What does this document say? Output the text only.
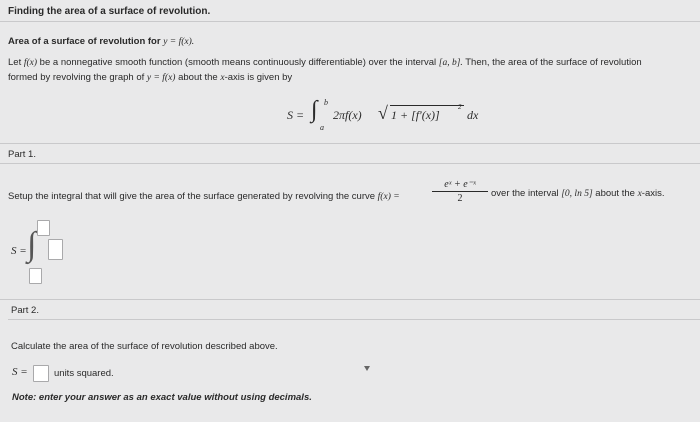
Finding the area of a surface of revolution.
Area of a surface of revolution for y = f(x).
Let f(x) be a nonnegative smooth function (smooth means continuously differentiable) over the interval [a, b]. Then, the area of the surface of revolution
formed by revolving the graph of y = f(x) about the x-axis is given by
S = ∫ b
a
2πf(x) √ 1 + [f′(x)]
2
dx
Part 1.
Setup the integral that will give the area of the surface generated by revolving the curve f(x) =
eˣ + e⁻ˣ
2	over the interval [0, ln 5] about the x-axis.
S = ∫
Part 2.
Calculate the area of the surface of revolution described above.
S =	units squared.
Note: enter your answer as an exact value without using decimals.
